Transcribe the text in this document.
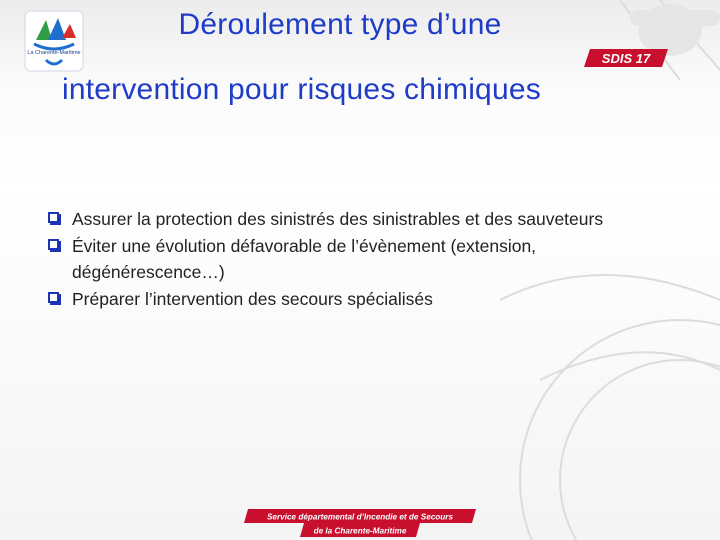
La Charente-Maritime	SDIS 17
Déroulement type d’une
intervention pour risques chimiques
Assurer la protection des sinistrés des sinistrables et des sauveteurs
Éviter une évolution défavorable de l’évènement (extension, dégénérescence…)
Préparer l’intervention des secours spécialisés
Service départemental d’Incendie et de Secours
de la Charente-Maritime
